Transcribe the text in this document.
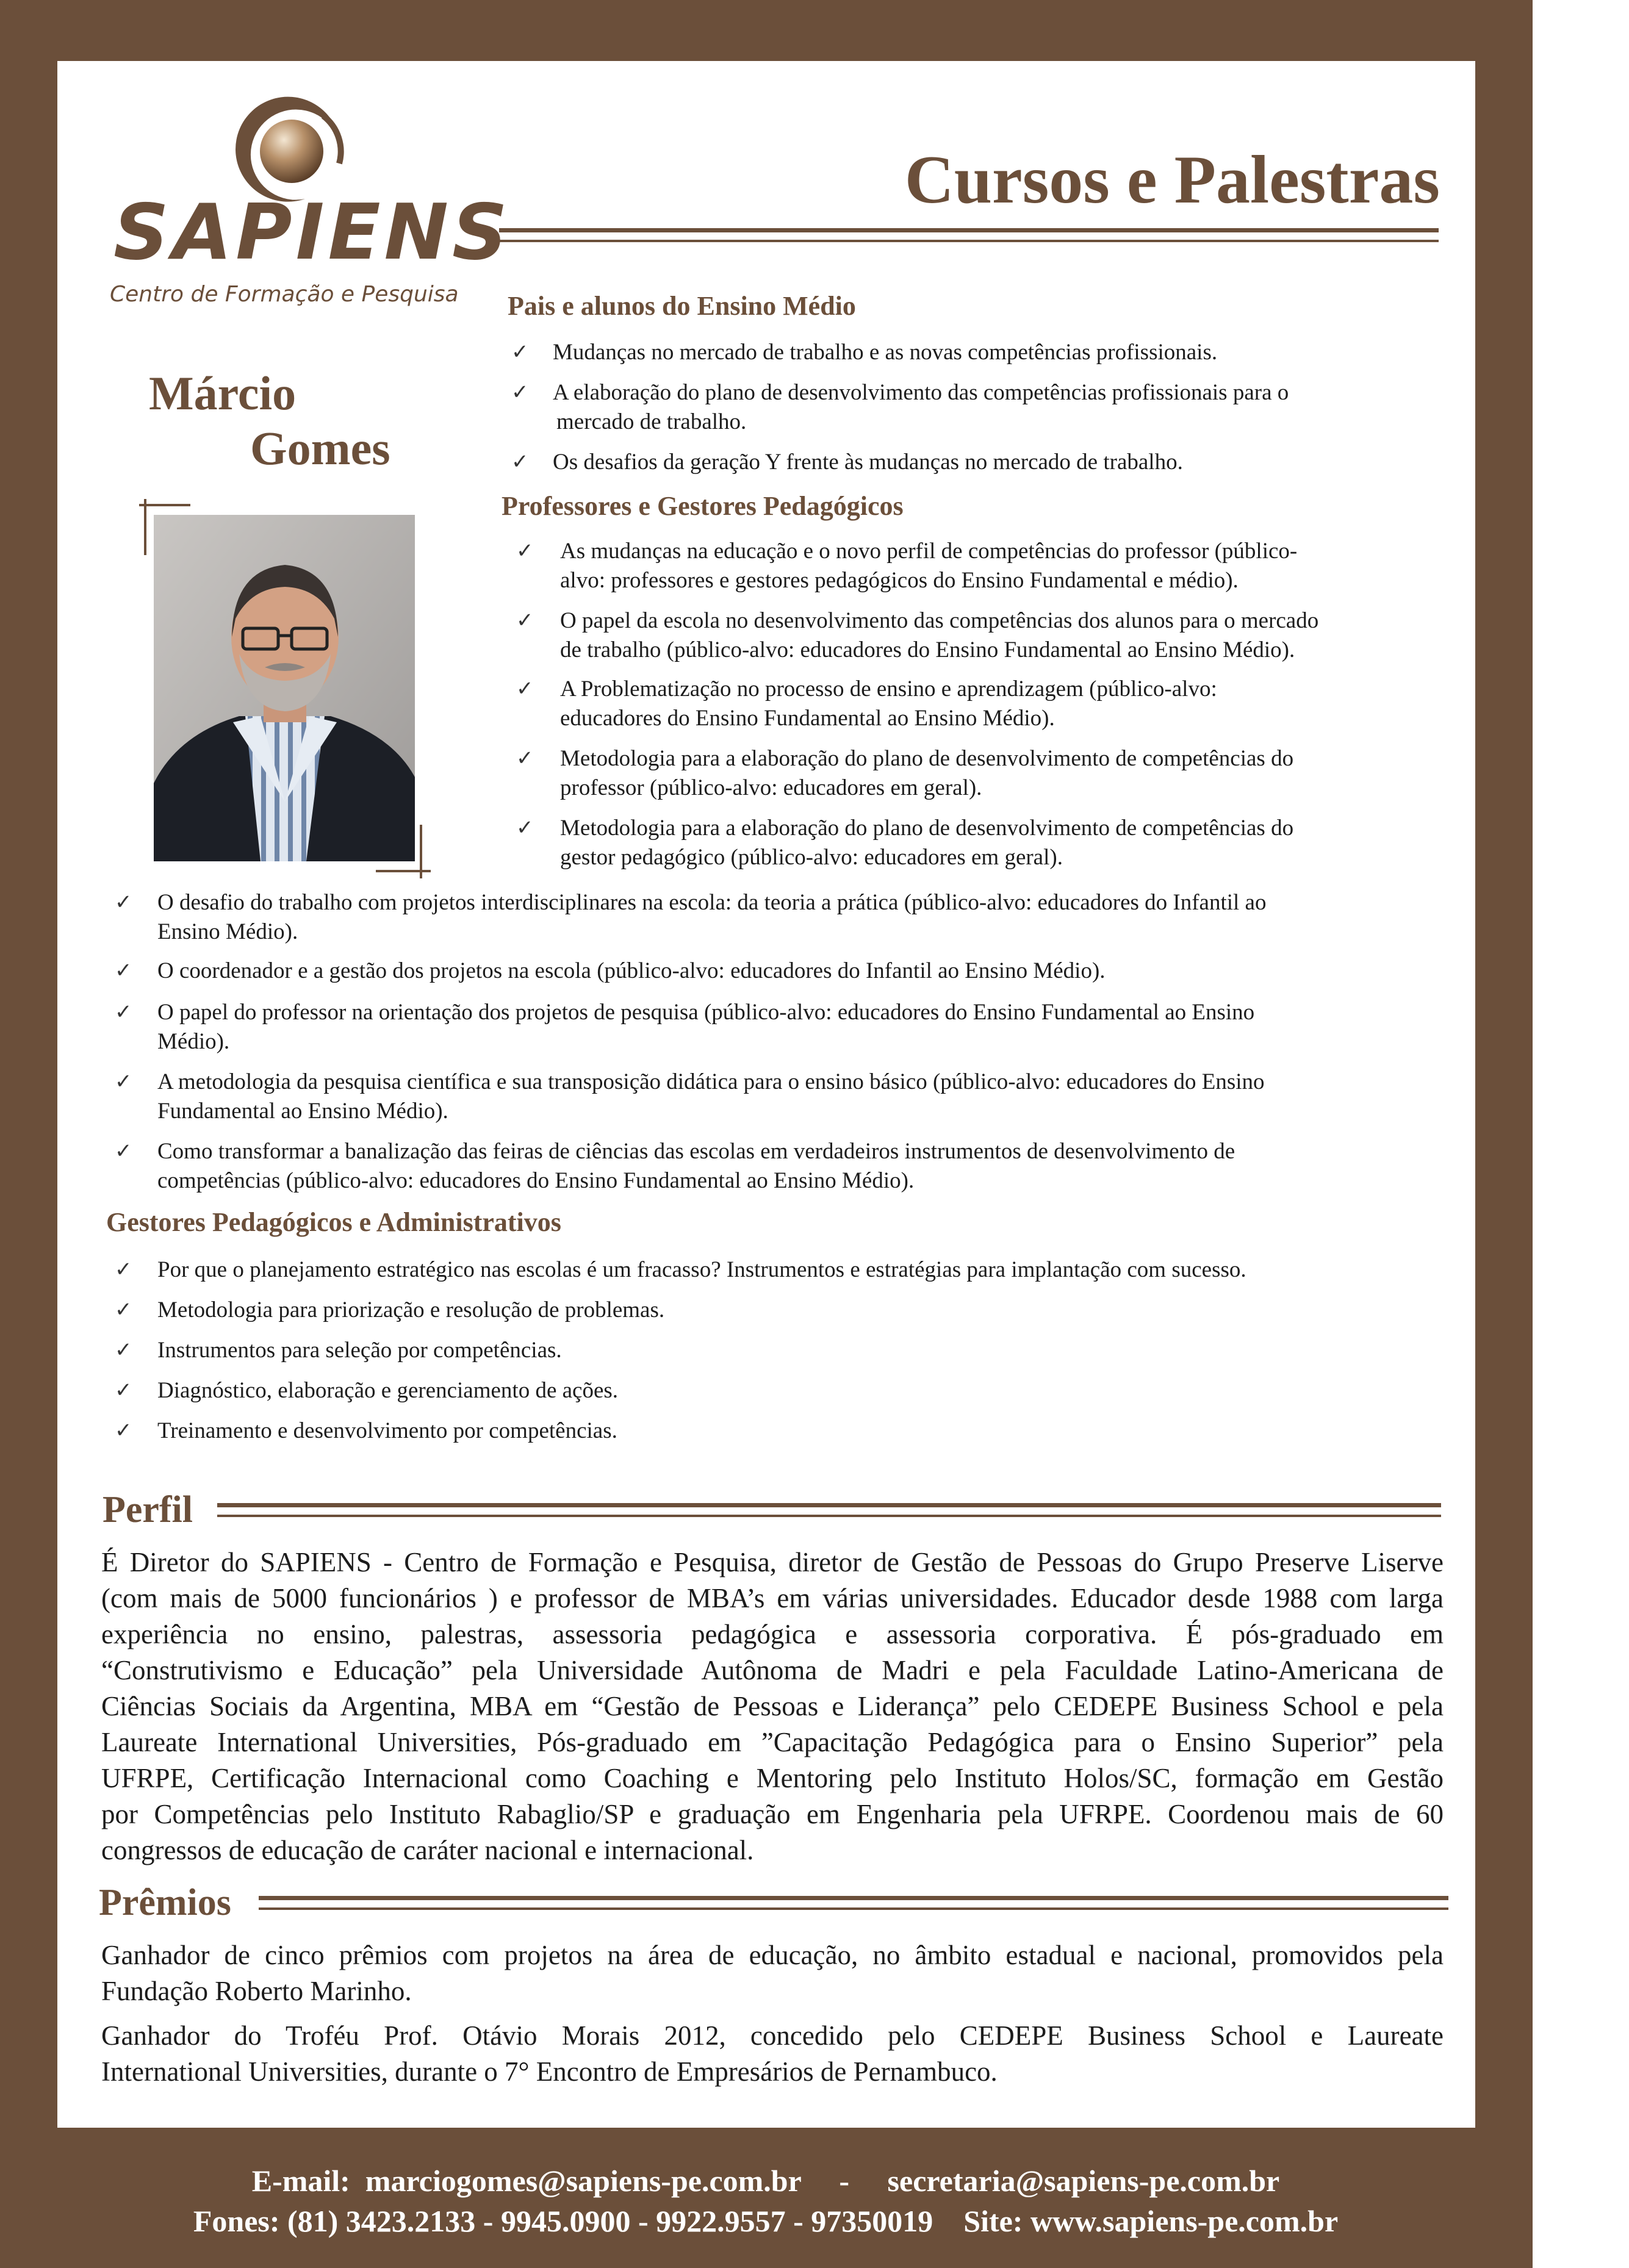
SAPIENS
Centro de Formação e Pesquisa
Cursos e Palestras
Márcio
Gomes
Pais e alunos do Ensino Médio
✓ Mudanças no mercado de trabalho e as novas competências profissionais.
✓ A elaboração do plano de desenvolvimento das competências profissionais para o
mercado de trabalho.
✓ Os desafios da geração Y frente às mudanças no mercado de trabalho.
Professores e Gestores Pedagógicos
✓ As mudanças na educação e o novo perfil de competências do professor (público-
alvo: professores e gestores pedagógicos do Ensino Fundamental e médio).
✓ O papel da escola no desenvolvimento das competências dos alunos para o mercado
de trabalho (público-alvo: educadores do Ensino Fundamental ao Ensino Médio).
✓ A Problematização no processo de ensino e aprendizagem (público-alvo:
educadores do Ensino Fundamental ao Ensino Médio).
✓ Metodologia para a elaboração do plano de desenvolvimento de competências do
professor (público-alvo: educadores em geral).
✓ Metodologia para a elaboração do plano de desenvolvimento de competências do
gestor pedagógico (público-alvo: educadores em geral).
✓ O desafio do trabalho com projetos interdisciplinares na escola: da teoria a prática (público-alvo: educadores do Infantil ao
Ensino Médio).
✓ O coordenador e a gestão dos projetos na escola (público-alvo: educadores do Infantil ao Ensino Médio).
✓ O papel do professor na orientação dos projetos de pesquisa (público-alvo: educadores do Ensino Fundamental ao Ensino
Médio).
✓ A metodologia da pesquisa científica e sua transposição didática para o ensino básico (público-alvo: educadores do Ensino
Fundamental ao Ensino Médio).
✓ Como transformar a banalização das feiras de ciências das escolas em verdadeiros instrumentos de desenvolvimento de
competências (público-alvo: educadores do Ensino Fundamental ao Ensino Médio).
Gestores Pedagógicos e Administrativos
✓ Por que o planejamento estratégico nas escolas é um fracasso? Instrumentos e estratégias para implantação com sucesso.
✓ Metodologia para priorização e resolução de problemas.
✓ Instrumentos para seleção por competências.
✓ Diagnóstico, elaboração e gerenciamento de ações.
✓ Treinamento e desenvolvimento por competências.
Perfil
É Diretor do SAPIENS - Centro de Formação e Pesquisa, diretor de Gestão de Pessoas do Grupo Preserve Liserve
(com mais de 5000 funcionários ) e professor de MBA’s em várias universidades. Educador desde 1988 com larga
experiência no ensino, palestras, assessoria pedagógica e assessoria corporativa. É pós-graduado em
“Construtivismo e Educação” pela Universidade Autônoma de Madri e pela Faculdade Latino-Americana de
Ciências Sociais da Argentina, MBA em “Gestão de Pessoas e Liderança” pelo CEDEPE Business School e pela
Laureate International Universities, Pós-graduado em ”Capacitação Pedagógica para o Ensino Superior” pela
UFRPE, Certificação Internacional como Coaching e Mentoring pelo Instituto Holos/SC, formação em Gestão
por Competências pelo Instituto Rabaglio/SP e graduação em Engenharia pela UFRPE. Coordenou mais de 60
congressos de educação de caráter nacional e internacional.
Prêmios
Ganhador de cinco prêmios com projetos na área de educação, no âmbito estadual e nacional, promovidos pela
Fundação Roberto Marinho.
Ganhador do Troféu Prof. Otávio Morais 2012, concedido pelo CEDEPE Business School e Laureate
International Universities, durante o 7° Encontro de Empresários de Pernambuco.
E-mail: marciogomes@sapiens-pe.com.br - secretaria@sapiens-pe.com.br
Fones: (81) 3423.2133 - 9945.0900 - 9922.9557 - 97350019 Site: www.sapiens-pe.com.br
